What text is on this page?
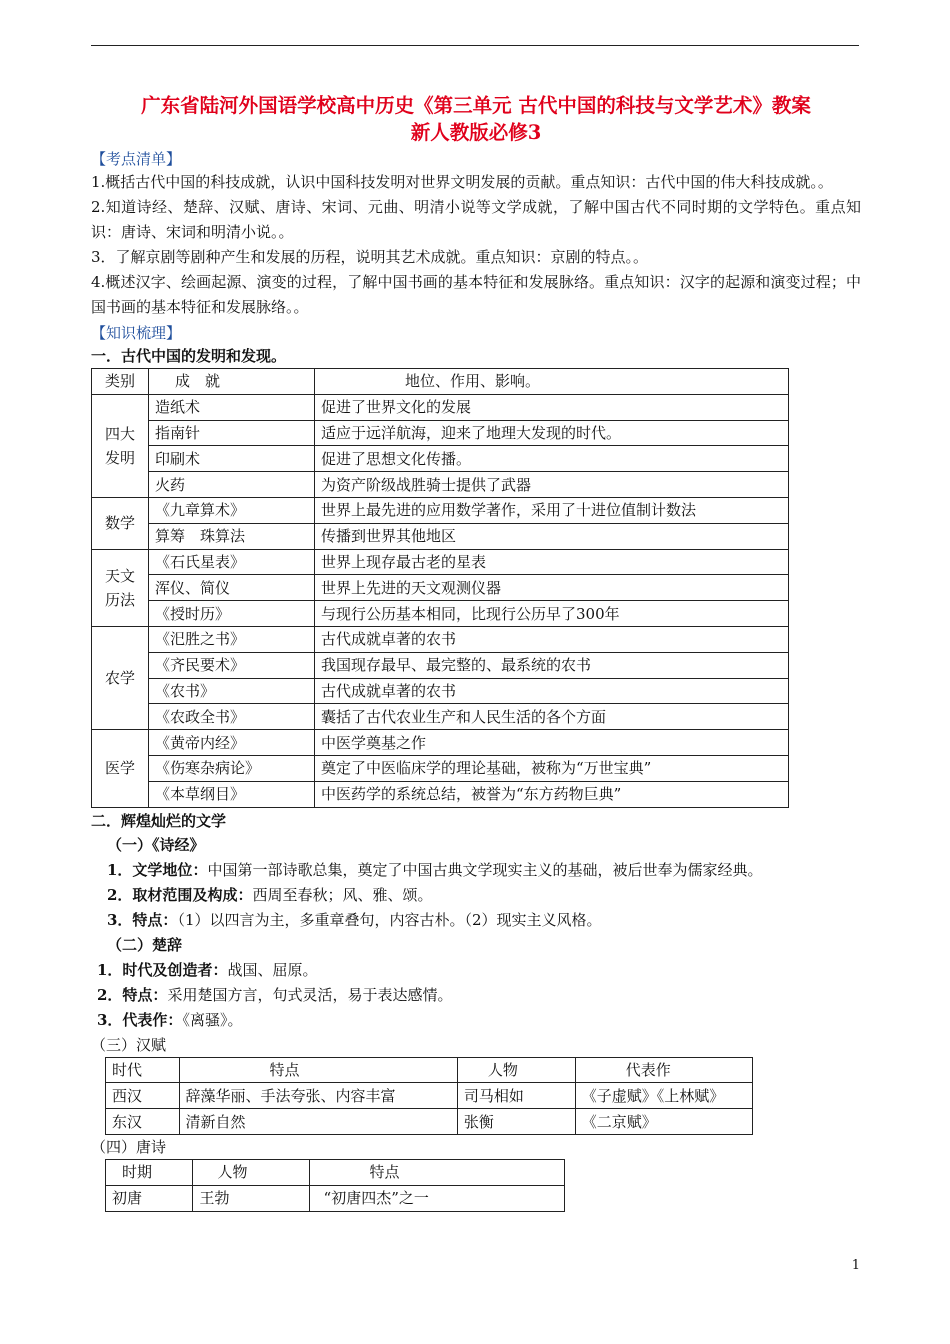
广东省陆河外国语学校高中历史《第三单元 古代中国的科技与文学艺术》教案

新人教版必修3

【考点清单】

1.概括古代中国的科技成就，认识中国科技发明对世界文明发展的贡献。重点知识：古代中国的伟大科技成就。。

2.知道诗经、楚辞、汉赋、唐诗、宋词、元曲、明清小说等文学成就，了解中国古代不同时期的文学特色。重点知识：唐诗、宋词和明清小说。。

3．了解京剧等剧种产生和发展的历程，说明其艺术成就。重点知识：京剧的特点。。

4.概述汉字、绘画起源、演变的过程，了解中国书画的基本特征和发展脉络。重点知识：汉字的起源和演变过程；中国书画的基本特征和发展脉络。。

【知识梳理】

一．古代中国的发明和发现。

类别	成　就	地位、作用、影响。
四大
发明	造纸术	促进了世界文化的发展
	指南针	适应于远洋航海，迎来了地理大发现的时代。
	印刷术	促进了思想文化传播。
	火药	为资产阶级战胜骑士提供了武器
数学	《九章算术》	世界上最先进的应用数学著作，采用了十进位值制计数法
	算筹　珠算法	传播到世界其他地区
天文
历法	《石氏星表》	世界上现存最古老的星表
	浑仪、简仪	世界上先进的天文观测仪器
	《授时历》	与现行公历基本相同，比现行公历早了300年
农学	《汜胜之书》	古代成就卓著的农书
	《齐民要术》	我国现存最早、最完整的、最系统的农书
	《农书》	古代成就卓著的农书
	《农政全书》	囊括了古代农业生产和人民生活的各个方面
医学	《黄帝内经》	中医学奠基之作
	《伤寒杂病论》	奠定了中医临床学的理论基础，被称为“万世宝典”
	《本草纲目》	中医药学的系统总结，被誉为“东方药物巨典”

二．辉煌灿烂的文学

（一）《诗经》

1．文学地位：中国第一部诗歌总集，奠定了中国古典文学现实主义的基础，被后世奉为儒家经典。

2．取材范围及构成：西周至春秋；风、雅、颂。

3．特点：（1）以四言为主，多重章叠句，内容古朴。（2）现实主义风格。

（二）楚辞

1．时代及创造者：战国、屈原。

2．特点：采用楚国方言，句式灵活，易于表达感情。

3．代表作：《离骚》。

（三）汉赋

时代	特点	人物	代表作
西汉	辞藻华丽、手法夸张、内容丰富	司马相如	《子虚赋》《上林赋》
东汉	清新自然	张衡	《二京赋》

（四）唐诗

时期	人物	特点
初唐	王勃	“初唐四杰”之一
1
